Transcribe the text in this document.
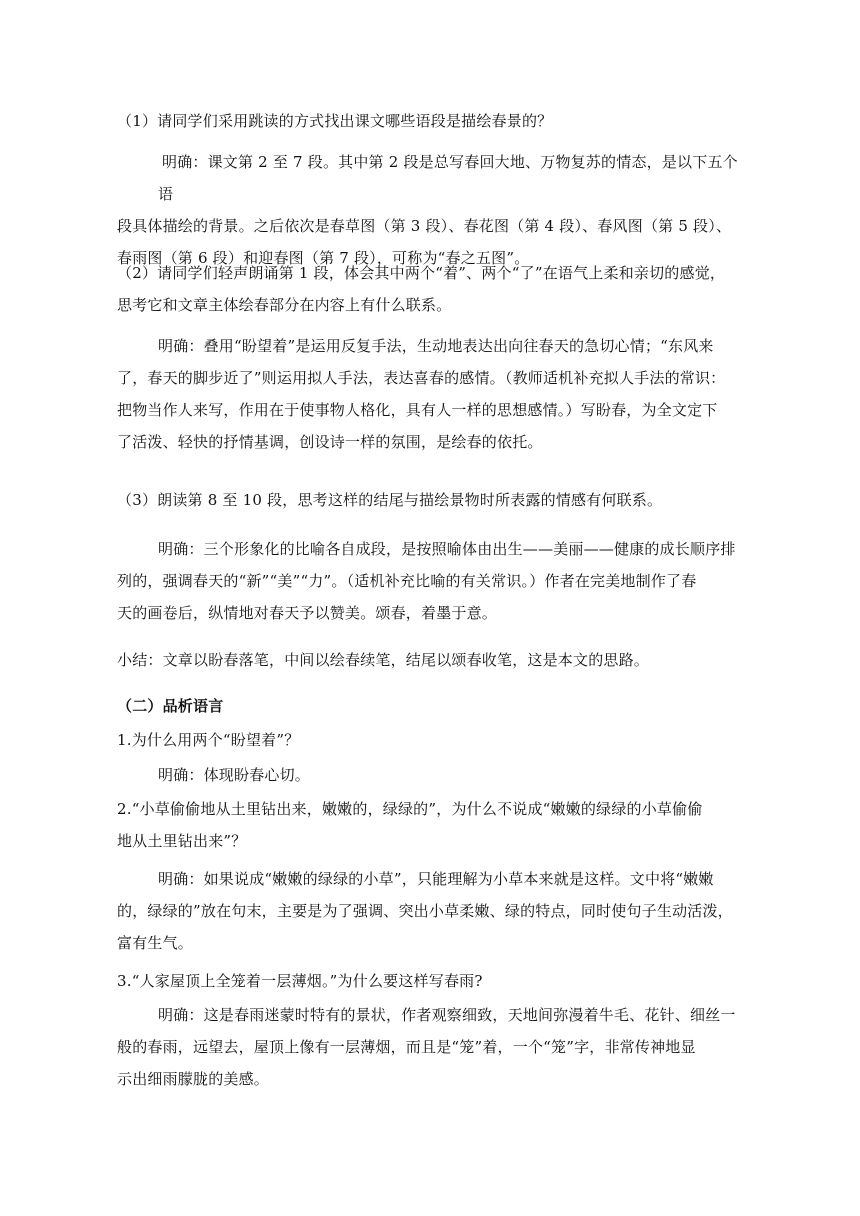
（1）请同学们采用跳读的方式找出课文哪些语段是描绘春景的？

明确：课文第 2 至 7 段。其中第 2 段是总写春回大地、万物复苏的情态，是以下五个语
段具体描绘的背景。之后依次是春草图（第 3 段）、春花图（第 4 段）、春风图（第 5 段）、
春雨图（第 6 段）和迎春图（第 7 段），可称为“春之五图”。
（2）请同学们轻声朗诵第 1 段，体会其中两个“着”、两个“了”在语气上柔和亲切的感觉，
思考它和文章主体绘春部分在内容上有什么联系。
明确：叠用“盼望着”是运用反复手法，生动地表达出向往春天的急切心情；“东风来
了，春天的脚步近了”则运用拟人手法，表达喜春的感情。（教师适机补充拟人手法的常识：
把物当作人来写，作用在于使事物人格化，具有人一样的思想感情。）写盼春，为全文定下
了活泼、轻快的抒情基调，创设诗一样的氛围，是绘春的依托。

（3）朗读第 8 至 10 段，思考这样的结尾与描绘景物时所表露的情感有何联系。

明确：三个形象化的比喻各自成段，是按照喻体由出生——美丽——健康的成长顺序排
列的，强调春天的“新”“美”“力”。（适机补充比喻的有关常识。）作者在完美地制作了春
天的画卷后，纵情地对春天予以赞美。颂春，着墨于意。

小结：文章以盼春落笔，中间以绘春续笔，结尾以颂春收笔，这是本文的思路。

（二）品析语言

1.为什么用两个“盼望着”？

明确：体现盼春心切。

2.“小草偷偷地从土里钻出来，嫩嫩的，绿绿的”，为什么不说成“嫩嫩的绿绿的小草偷偷
地从土里钻出来”？
明确：如果说成“嫩嫩的绿绿的小草”，只能理解为小草本来就是这样。文中将“嫩嫩
的，绿绿的”放在句末，主要是为了强调、突出小草柔嫩、绿的特点，同时使句子生动活泼，
富有生气。

3.“人家屋顶上全笼着一层薄烟。”为什么要这样写春雨?

明确：这是春雨迷蒙时特有的景状，作者观察细致，天地间弥漫着牛毛、花针、细丝一
般的春雨，远望去，屋顶上像有一层薄烟，而且是“笼”着，一个“笼”字，非常传神地显
示出细雨朦胧的美感。
